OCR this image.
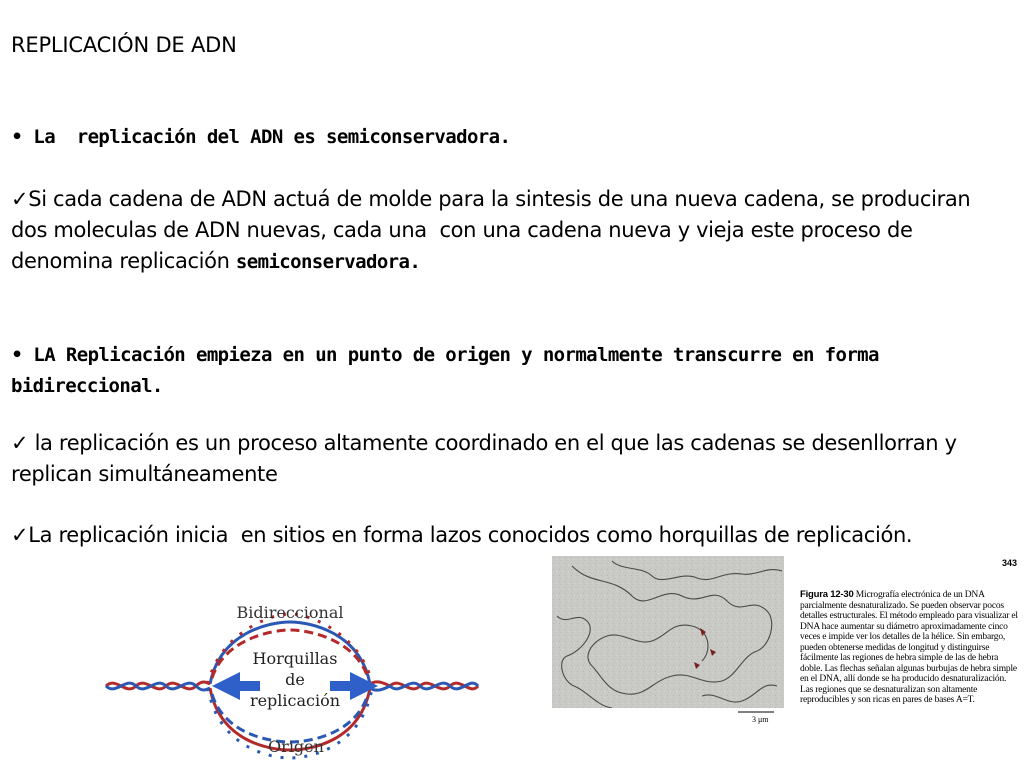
REPLICACIÓN DE ADN
• La  replicación del ADN es semiconservadora.
✓Si cada cadena de ADN actuá de molde para la sintesis de una nueva cadena, se produciran dos moleculas de ADN nuevas, cada una  con una cadena nueva y vieja este proceso de denomina replicación semiconservadora.
• LA Replicación empieza en un punto de origen y normalmente transcurre en forma bidireccional.
✓ la replicación es un proceso altamente coordinado en el que las cadenas se desenllorran y replican simultáneamente
✓La replicación inicia  en sitios en forma lazos conocidos como horquillas de replicación.
Bidireccional
Horquillas
de
replicación
Origen
3 μm
343
Figura 12-30 Micrografía electrónica de un DNA parcialmente desnaturalizado. Se pueden observar pocos detalles estructurales. El método empleado para visualizar el DNA hace aumentar su diámetro aproximadamente cinco veces e impide ver los detalles de la hélice. Sin embargo, pueden obtenerse medidas de longitud y distinguirse fácilmente las regiones de hebra simple de las de hebra doble. Las flechas señalan algunas burbujas de hebra simple en el DNA, allí donde se ha producido desnaturalización. Las regiones que se desnaturalizan son altamente reproducibles y son ricas en pares de bases A=T.
